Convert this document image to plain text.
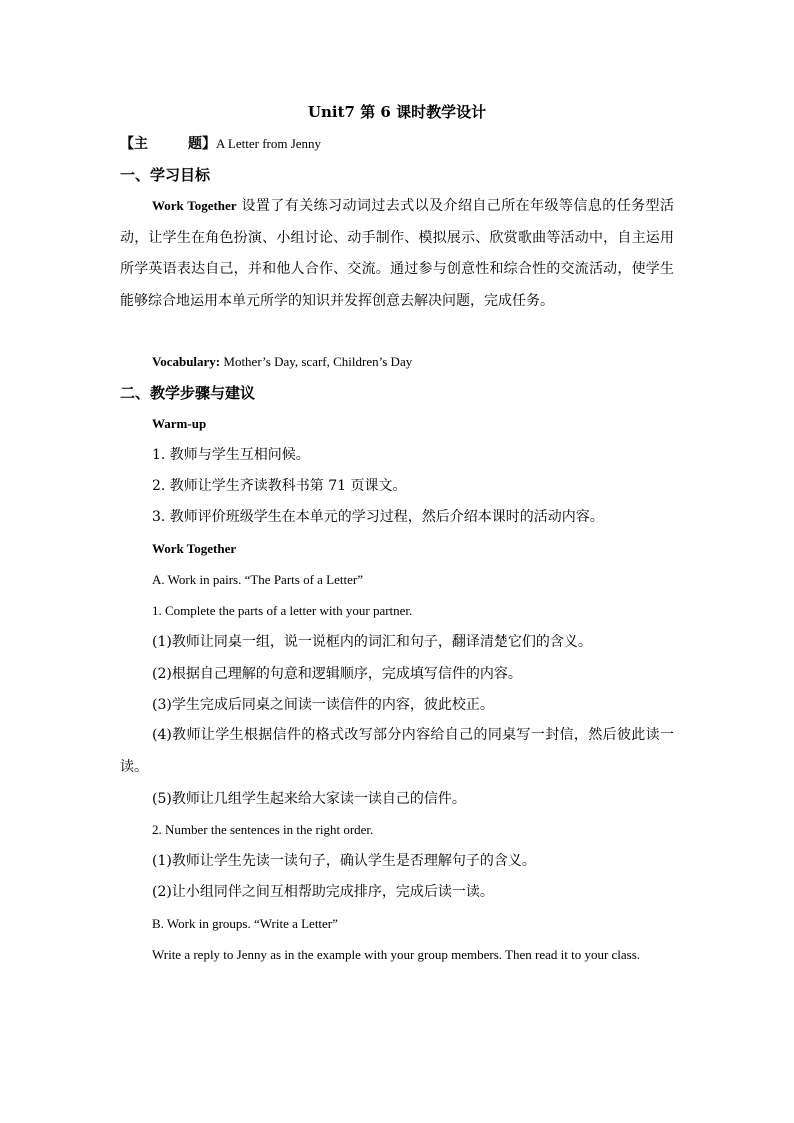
Unit7 第 6 课时教学设计
【主	题】A Letter from Jenny
一、学习目标
Work Together 设置了有关练习动词过去式以及介绍自己所在年级等信息的任务型活动，让学生在角色扮演、小组讨论、动手制作、模拟展示、欣赏歌曲等活动中，自主运用所学英语表达自己，并和他人合作、交流。通过参与创意性和综合性的交流活动，使学生能够综合地运用本单元所学的知识并发挥创意去解决问题，完成任务。
Vocabulary: Mother’s Day, scarf, Children’s Day
二、教学步骤与建议
Warm-up
1. 教师与学生互相问候。
2. 教师让学生齐读教科书第 71 页课文。
3. 教师评价班级学生在本单元的学习过程，然后介绍本课时的活动内容。
Work Together
A. Work in pairs. “The Parts of a Letter”
1. Complete the parts of a letter with your partner.
(1)教师让同桌一组，说一说框内的词汇和句子，翻译清楚它们的含义。
(2)根据自己理解的句意和逻辑顺序，完成填写信件的内容。
(3)学生完成后同桌之间读一读信件的内容，彼此校正。
(4)教师让学生根据信件的格式改写部分内容给自己的同桌写一封信，然后彼此读一读。
(5)教师让几组学生起来给大家读一读自己的信件。
2. Number the sentences in the right order.
(1)教师让学生先读一读句子，确认学生是否理解句子的含义。
(2)让小组同伴之间互相帮助完成排序，完成后读一读。
B. Work in groups. “Write a Letter”
Write a reply to Jenny as in the example with your group members. Then read it to your class.
